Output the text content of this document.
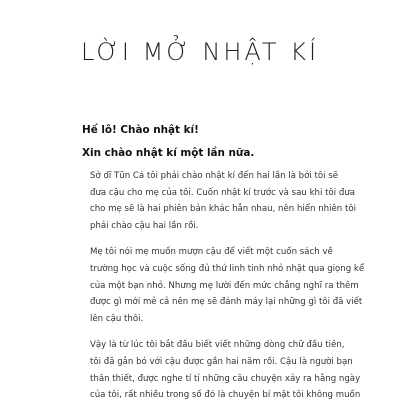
LỜI MỞ NHẬT KÍ

Hế lô! Chào nhật kí!

Xin chào nhật kí một lần nữa.

Sở dĩ Tũn Cá tôi phải chào nhật kí đến hai lần là bởi tôi sẽ
đưa cậu cho mẹ của tôi. Cuốn nhật kí trước và sau khi tôi đưa
cho mẹ sẽ là hai phiên bản khác hẳn nhau, nên hiển nhiên tôi
phải chào cậu hai lần rồi.

Mẹ tôi nói mẹ muốn mượn cậu để viết một cuốn sách về
trường học và cuộc sống đủ thứ linh tinh nhỏ nhặt qua giọng kể
của một bạn nhỏ. Nhưng mẹ lười đến mức chẳng nghĩ ra thêm
được gì mới mẻ cả nên mẹ sẽ đánh máy lại những gì tôi đã viết
lên cậu thôi.

Vậy là từ lúc tôi bắt đầu biết viết những dòng chữ đầu tiên,
tôi đã gắn bó với cậu được gần hai năm rồi. Cậu là người bạn
thân thiết, được nghe tí tỉ những câu chuyện xảy ra hằng ngày
của tôi, rất nhiều trong số đó là chuyện bí mật tôi không muốn
